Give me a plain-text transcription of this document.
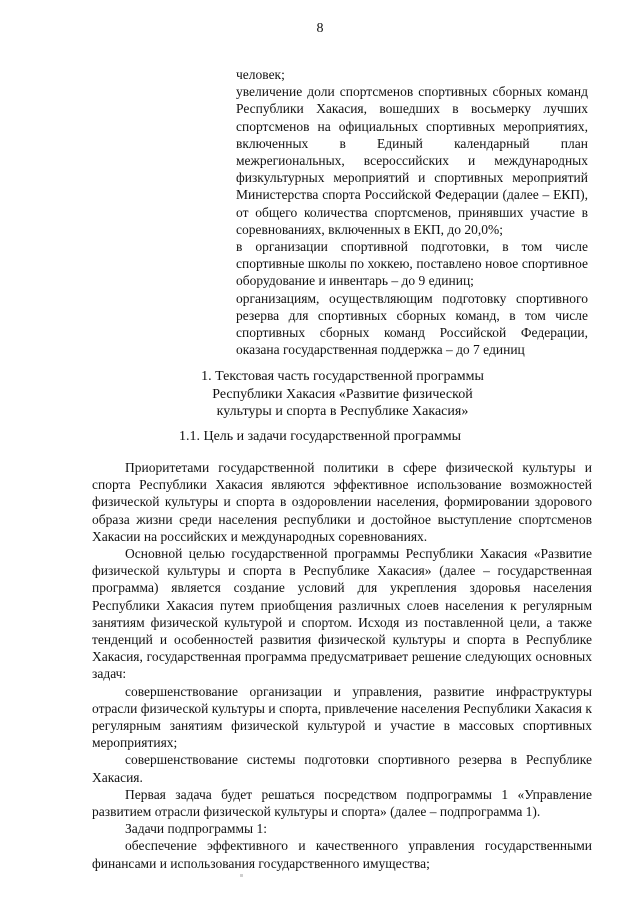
8

человек;

увеличение доли спортсменов спортивных сборных команд Республики Хакасия, вошедших в восьмерку лучших спортсменов на официальных спортивных мероприятиях, включенных в Единый календарный план межрегиональных, всероссийских и международных физкультурных мероприятий и спортивных мероприятий Министерства спорта Российской Федерации (далее – ЕКП), от общего количества спортсменов, принявших участие в соревнованиях, включенных в ЕКП, до 20,0%;

в организации спортивной подготовки, в том числе спортивные школы по хоккею, поставлено новое спортивное оборудование и инвентарь – до 9 единиц;

организациям, осуществляющим подготовку спортивного резерва для спортивных сборных команд, в том числе спортивных сборных команд Российской Федерации, оказана государственная поддержка – до 7 единиц

1. Текстовая часть государственной программы
Республики Хакасия «Развитие физической
культуры и спорта в Республике Хакасия»
1.1. Цель и задачи государственной программы

Приоритетами государственной политики в сфере физической культуры и спорта Республики Хакасия являются эффективное использование возможностей физической культуры и спорта в оздоровлении населения, формировании здорового образа жизни среди населения республики и достойное выступление спортсменов Хакасии на российских и международных соревнованиях.

Основной целью государственной программы Республики Хакасия «Развитие физической культуры и спорта в Республике Хакасия» (далее – государственная программа) является создание условий для укрепления здоровья населения Республики Хакасия путем приобщения различных слоев населения к регулярным занятиям физической культурой и спортом. Исходя из поставленной цели, а также тенденций и особенностей развития физической культуры и спорта в Республике Хакасия, государственная программа предусматривает решение следующих основных задач:

совершенствование организации и управления, развитие инфраструктуры отрасли физической культуры и спорта, привлечение населения Республики Хакасия к регулярным занятиям физической культурой и участие в массовых спортивных мероприятиях;

совершенствование системы подготовки спортивного резерва в Республике Хакасия.

Первая задача будет решаться посредством подпрограммы 1 «Управление развитием отрасли физической культуры и спорта» (далее – подпрограмма 1).

Задачи подпрограммы 1:

обеспечение эффективного и качественного управления государственными финансами и использования государственного имущества;
